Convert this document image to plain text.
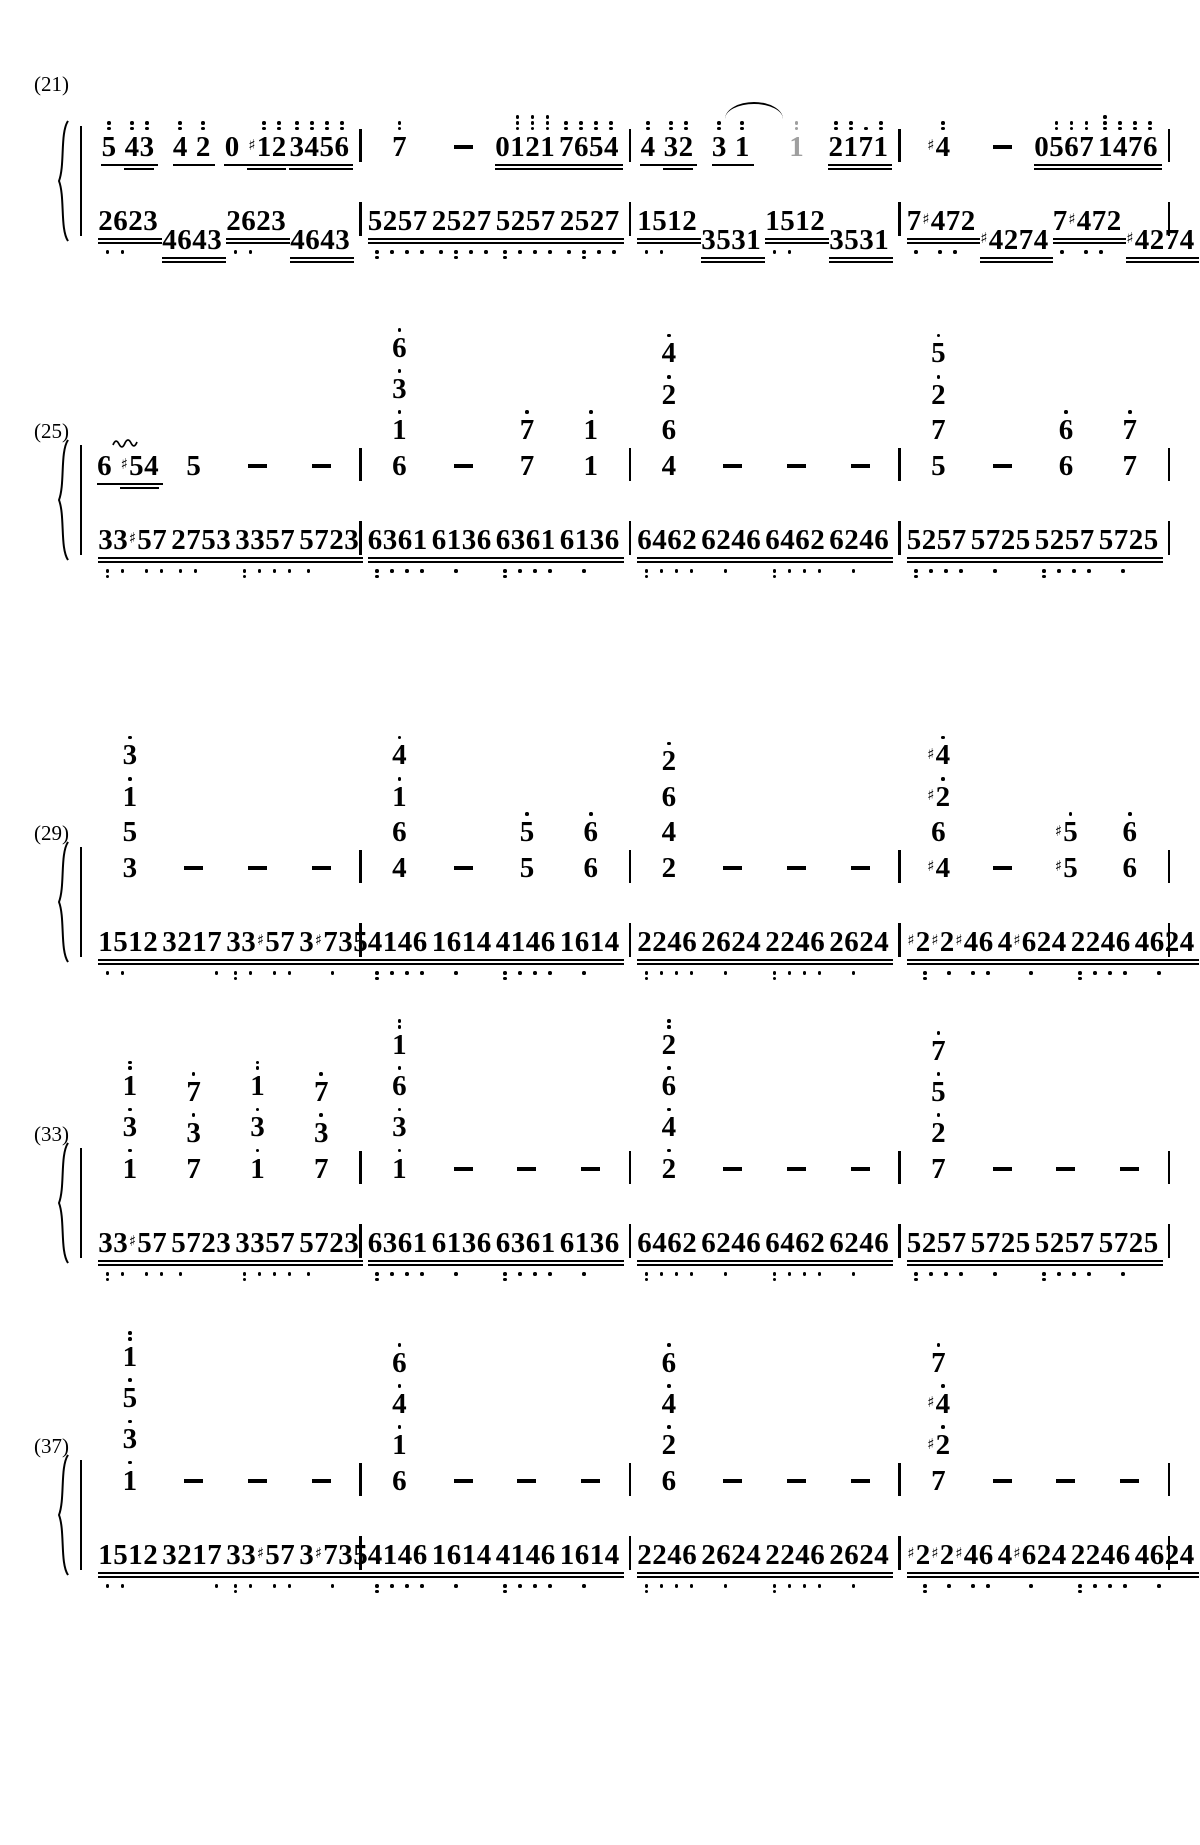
(21)
5 4 3 4 2 0 ♯ 1 2 3 4 5 6 7	0 1 2 1 7 6 5 4 4 3 2 3 1 1 2 1 7 1	♯ 4	0 5 6 7 1 4 7 6
2 6 2 3
4 6 4 3
2 6 2 3
4 6 4 3
5 2 5 7 2 5 2 7 5 2 5 7 2 5 2 7 1 5 1 2
3 5 3 1
1 5 1 2
3 5 3 1
7 ♯ 4 7 2
♯ 4 2 7 4
7 ♯ 4 7 2
♯ 4 2 7 4
(25)
6 ♯ 5 4 5
6
3
1
6
7
7
1
1
4
2
6
4
5
2
7
5
6
6
7
7
3 3 ♯ 5 7 2 7 5 3 3 3 5 7 5 7 2 3 6 3 6 1 6 1 3 6 6 3 6 1 6 1 3 6 6 4 6 2 6 2 4 6 6 4 6 2 6 2 4 6 5 2 5 7 5 7 2 5 5 2 5 7 5 7 2 5
(29)
3
1
5
3
4
1
6
4
5
5
6
6
2
6
4
2
♯ 4
♯ 2
6
♯ 4
♯ 5
♯ 5
6
6
1 5 1 2 3 2 1 7 3 3 ♯ 5 7 3 ♯ 7 3 5 4 1 4 6 1 6 1 4 4 1 4 6 1 6 1 4 2 2 4 6 2 6 2 4 2 2 4 6 2 6 2 4 ♯ 2 ♯ 2 ♯ 4 6 4 ♯ 6 2 4 2 2 4 6 4 6 2 4
(33)
1
3
1
7
3
7
1
3
1
7
3
7
1
6
3
1
2
6
4
2
7
5
2
7
3 3 ♯ 5 7 5 7 2 3 3 3 5 7 5 7 2 3 6 3 6 1 6 1 3 6 6 3 6 1 6 1 3 6 6 4 6 2 6 2 4 6 6 4 6 2 6 2 4 6 5 2 5 7 5 7 2 5 5 2 5 7 5 7 2 5
(37)
1
5
3
1
6
4
1
6
6
4
2
6
7
♯ 4
♯ 2
7
1 5 1 2 3 2 1 7 3 3 ♯ 5 7 3 ♯ 7 3 5 4 1 4 6 1 6 1 4 4 1 4 6 1 6 1 4 2 2 4 6 2 6 2 4 2 2 4 6 2 6 2 4 ♯ 2 ♯ 2 ♯ 4 6 4 ♯ 6 2 4 2 2 4 6 4 6 2 4
